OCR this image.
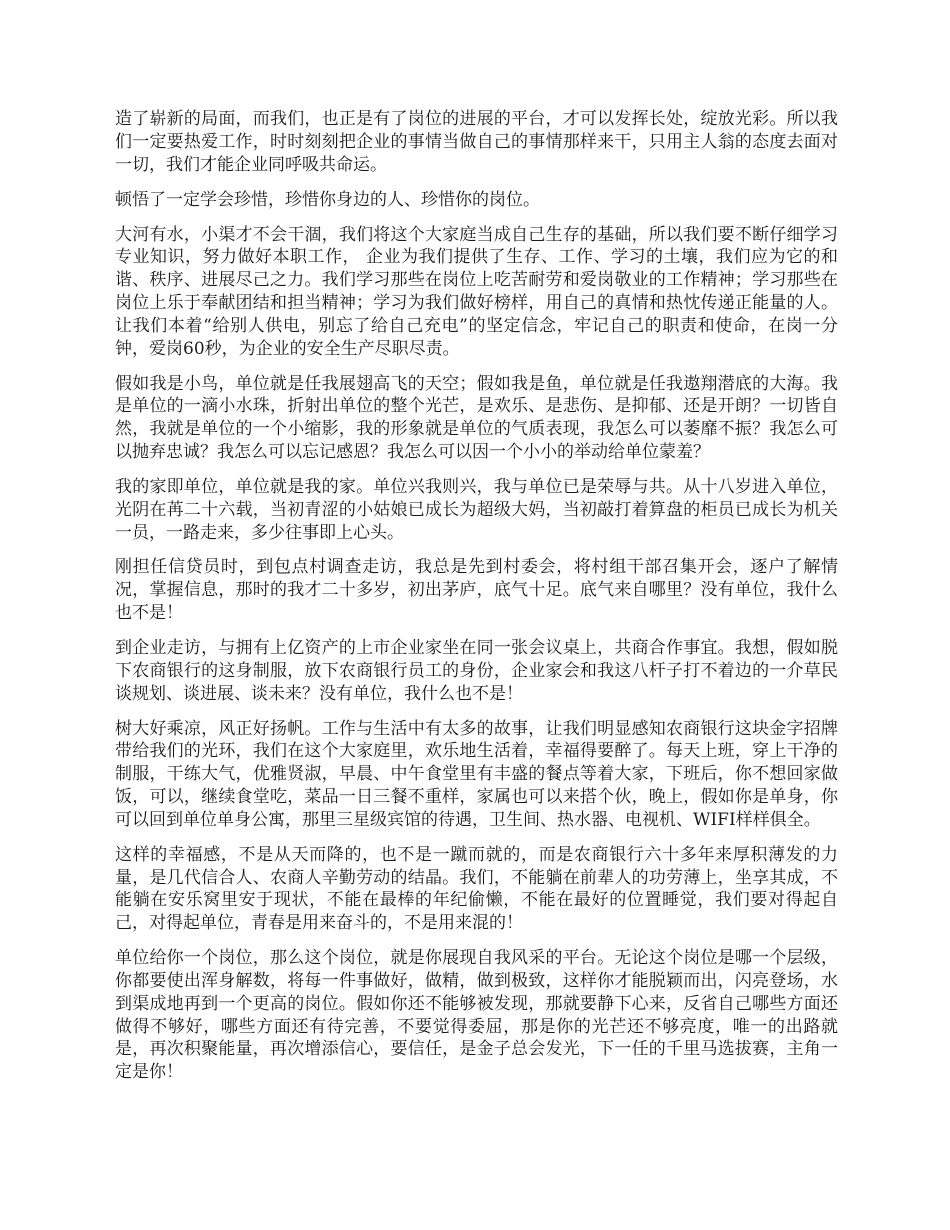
造了崭新的局面，而我们，也正是有了岗位的进展的平台，才可以发挥长处，绽放光彩。所以我们一定要热爱工作，时时刻刻把企业的事情当做自己的事情那样来干，只用主人翁的态度去面对一切，我们才能企业同呼吸共命运。

顿悟了一定学会珍惜，珍惜你身边的人、珍惜你的岗位。

大河有水，小渠才不会干涸，我们将这个大家庭当成自己生存的基础，所以我们要不断仔细学习专业知识，努力做好本职工作， 企业为我们提供了生存、工作、学习的土壤，我们应为它的和谐、秩序、进展尽己之力。我们学习那些在岗位上吃苦耐劳和爱岗敬业的工作精神；学习那些在岗位上乐于奉献团结和担当精神；学习为我们做好榜样，用自己的真情和热忱传递正能量的人。让我们本着“给别人供电，别忘了给自己充电”的坚定信念，牢记自己的职责和使命，在岗一分钟，爱岗60秒，为企业的安全生产尽职尽责。

假如我是小鸟，单位就是任我展翅高飞的天空；假如我是鱼，单位就是任我遨翔潜底的大海。我是单位的一滴小水珠，折射出单位的整个光芒，是欢乐、是悲伤、是抑郁、还是开朗？一切皆自然，我就是单位的一个小缩影，我的形象就是单位的气质表现，我怎么可以萎靡不振？我怎么可以抛弃忠诚？我怎么可以忘记感恩？我怎么可以因一个小小的举动给单位蒙羞？

我的家即单位，单位就是我的家。单位兴我则兴，我与单位已是荣辱与共。从十八岁进入单位，光阴在苒二十六载，当初青涩的小姑娘已成长为超级大妈，当初敲打着算盘的柜员已成长为机关一员，一路走来，多少往事即上心头。

刚担任信贷员时，到包点村调查走访，我总是先到村委会，将村组干部召集开会，逐户了解情况，掌握信息，那时的我才二十多岁，初出茅庐，底气十足。底气来自哪里？没有单位，我什么也不是！

到企业走访，与拥有上亿资产的上市企业家坐在同一张会议桌上，共商合作事宜。我想，假如脱下农商银行的这身制服，放下农商银行员工的身份，企业家会和我这八杆子打不着边的一介草民谈规划、谈进展、谈未来？没有单位，我什么也不是！

树大好乘凉，风正好扬帆。工作与生活中有太多的故事，让我们明显感知农商银行这块金字招牌带给我们的光环，我们在这个大家庭里，欢乐地生活着，幸福得要醉了。每天上班，穿上干净的制服，干练大气，优雅贤淑，早晨、中午食堂里有丰盛的餐点等着大家，下班后，你不想回家做饭，可以，继续食堂吃，菜品一日三餐不重样，家属也可以来搭个伙，晚上，假如你是单身，你可以回到单位单身公寓，那里三星级宾馆的待遇，卫生间、热水器、电视机、WIFI样样俱全。

这样的幸福感，不是从天而降的，也不是一蹴而就的，而是农商银行六十多年来厚积薄发的力量，是几代信合人、农商人辛勤劳动的结晶。我们，不能躺在前辈人的功劳薄上，坐享其成，不能躺在安乐窝里安于现状，不能在最棒的年纪偷懒，不能在最好的位置睡觉，我们要对得起自己，对得起单位，青春是用来奋斗的，不是用来混的！

单位给你一个岗位，那么这个岗位，就是你展现自我风采的平台。无论这个岗位是哪一个层级，你都要使出浑身解数，将每一件事做好，做精，做到极致，这样你才能脱颖而出，闪亮登场，水到渠成地再到一个更高的岗位。假如你还不能够被发现，那就要静下心来，反省自己哪些方面还做得不够好，哪些方面还有待完善，不要觉得委屈，那是你的光芒还不够亮度，唯一的出路就是，再次积聚能量，再次增添信心，要信任，是金子总会发光，下一任的千里马选拔赛，主角一定是你！
